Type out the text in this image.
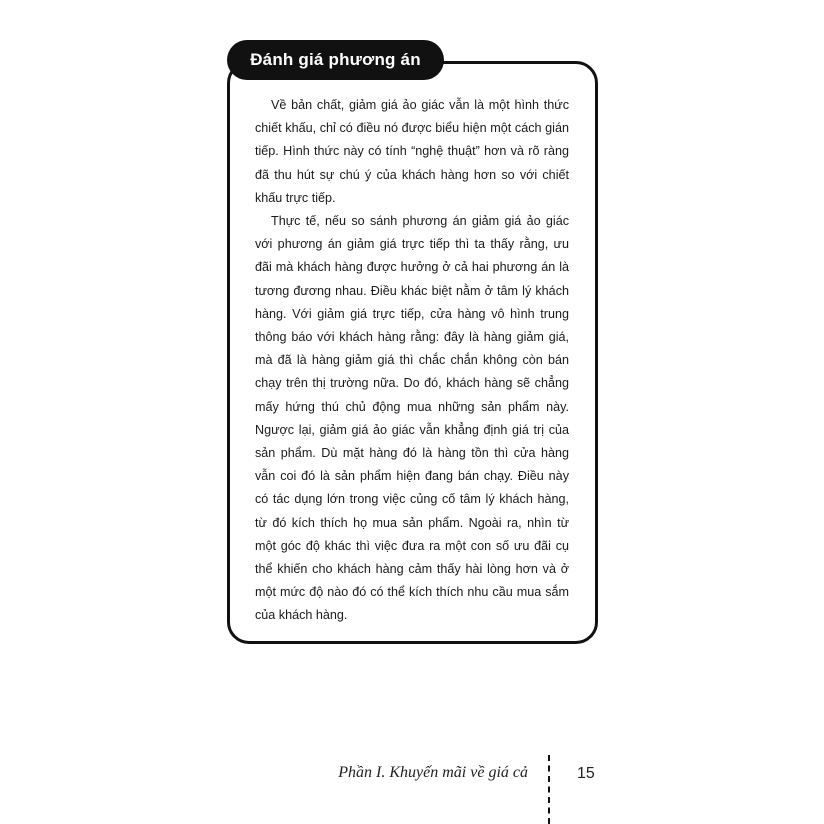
Đánh giá phương án

Về bản chất, giảm giá ảo giác vẫn là một hình thức chiết khấu, chỉ có điều nó được biểu hiện một cách gián tiếp. Hình thức này có tính “nghệ thuật” hơn và rõ ràng đã thu hút sự chú ý của khách hàng hơn so với chiết khấu trực tiếp.

Thực tế, nếu so sánh phương án giảm giá ảo giác với phương án giảm giá trực tiếp thì ta thấy rằng, ưu đãi mà khách hàng được hưởng ở cả hai phương án là tương đương nhau. Điều khác biệt nằm ở tâm lý khách hàng. Với giảm giá trực tiếp, cửa hàng vô hình trung thông báo với khách hàng rằng: đây là hàng giảm giá, mà đã là hàng giảm giá thì chắc chắn không còn bán chạy trên thị trường nữa. Do đó, khách hàng sẽ chẳng mấy hứng thú chủ động mua những sản phẩm này. Ngược lại, giảm giá ảo giác vẫn khẳng định giá trị của sản phẩm. Dù mặt hàng đó là hàng tồn thì cửa hàng vẫn coi đó là sản phẩm hiện đang bán chạy. Điều này có tác dụng lớn trong việc củng cố tâm lý khách hàng, từ đó kích thích họ mua sản phẩm. Ngoài ra, nhìn từ một góc độ khác thì việc đưa ra một con số ưu đãi cụ thể khiến cho khách hàng cảm thấy hài lòng hơn và ở một mức độ nào đó có thể kích thích nhu cầu mua sắm của khách hàng.

Phần I. Khuyến mãi về giá cả	15
